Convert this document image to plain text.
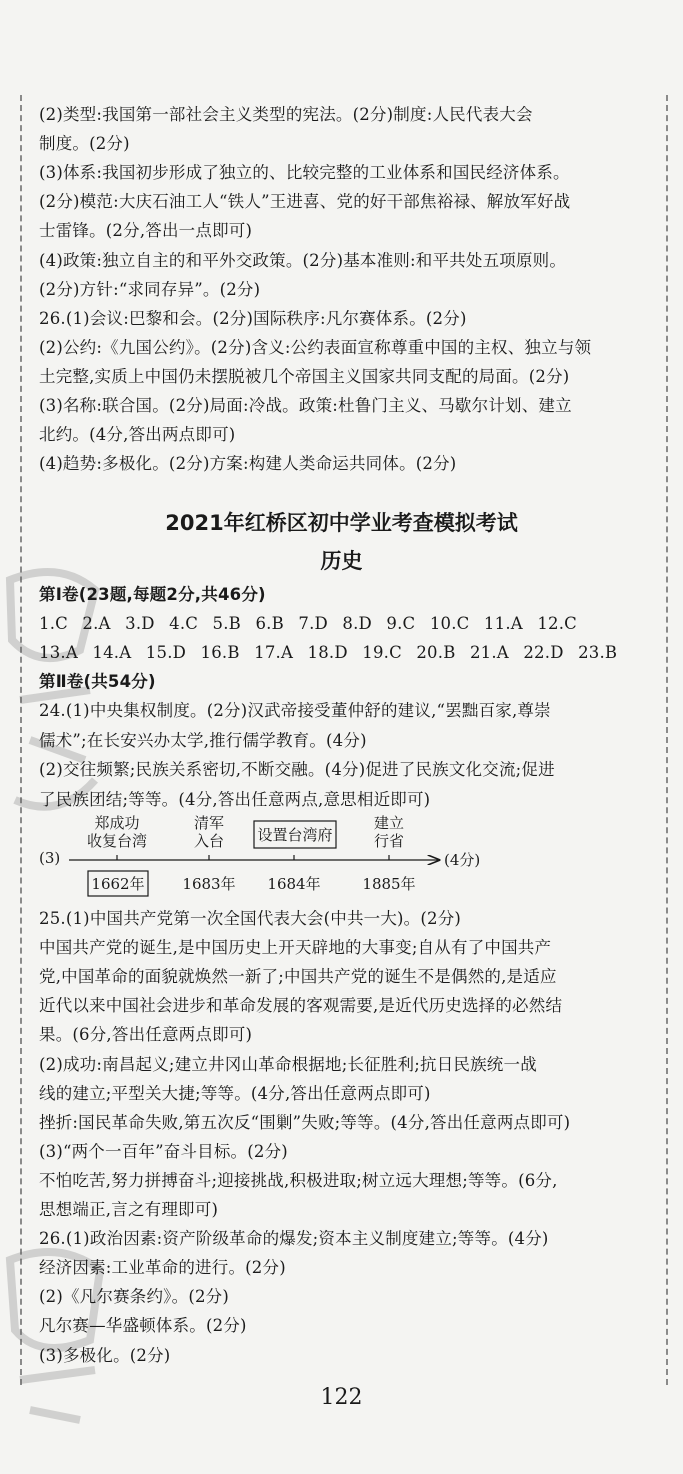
(2)类型:我国第一部社会主义类型的宪法。(2分)制度:人民代表大会
制度。(2分)
(3)体系:我国初步形成了独立的、比较完整的工业体系和国民经济体系。
(2分)模范:大庆石油工人“铁人”王进喜、党的好干部焦裕禄、解放军好战
士雷锋。(2分,答出一点即可)
(4)政策:独立自主的和平外交政策。(2分)基本准则:和平共处五项原则。
(2分)方针:“求同存异”。(2分)
26.(1)会议:巴黎和会。(2分)国际秩序:凡尔赛体系。(2分)
(2)公约:《九国公约》。(2分)含义:公约表面宣称尊重中国的主权、独立与领
土完整,实质上中国仍未摆脱被几个帝国主义国家共同支配的局面。(2分)
(3)名称:联合国。(2分)局面:冷战。政策:杜鲁门主义、马歇尔计划、建立
北约。(4分,答出两点即可)
(4)趋势:多极化。(2分)方案:构建人类命运共同体。(2分)
2021年红桥区初中学业考查模拟考试
历史
第Ⅰ卷(23题,每题2分,共46分)
1.C 2.A 3.D 4.C 5.B 6.B 7.D 8.D 9.C 10.C 11.A 12.C
13.A 14.A 15.D 16.B 17.A 18.D 19.C 20.B 21.A 22.D 23.B
第Ⅱ卷(共54分)
24.(1)中央集权制度。(2分)汉武帝接受董仲舒的建议,“罢黜百家,尊崇
儒术”;在长安兴办太学,推行儒学教育。(4分)
(2)交往频繁;民族关系密切,不断交融。(4分)促进了民族文化交流;促进
了民族团结;等等。(4分,答出任意两点,意思相近即可)
(3)	(4分)
郑成功
收复台湾
1662年
清军
入台
1683年
设置台湾府
1684年
建立
行省
1885年
25.(1)中国共产党第一次全国代表大会(中共一大)。(2分)
中国共产党的诞生,是中国历史上开天辟地的大事变;自从有了中国共产
党,中国革命的面貌就焕然一新了;中国共产党的诞生不是偶然的,是适应
近代以来中国社会进步和革命发展的客观需要,是近代历史选择的必然结
果。(6分,答出任意两点即可)
(2)成功:南昌起义;建立井冈山革命根据地;长征胜利;抗日民族统一战
线的建立;平型关大捷;等等。(4分,答出任意两点即可)
挫折:国民革命失败,第五次反“围剿”失败;等等。(4分,答出任意两点即可)
(3)“两个一百年”奋斗目标。(2分)
不怕吃苦,努力拼搏奋斗;迎接挑战,积极进取;树立远大理想;等等。(6分,
思想端正,言之有理即可)
26.(1)政治因素:资产阶级革命的爆发;资本主义制度建立;等等。(4分)
经济因素:工业革命的进行。(2分)
(2)《凡尔赛条约》。(2分)
凡尔赛—华盛顿体系。(2分)
(3)多极化。(2分)
122
